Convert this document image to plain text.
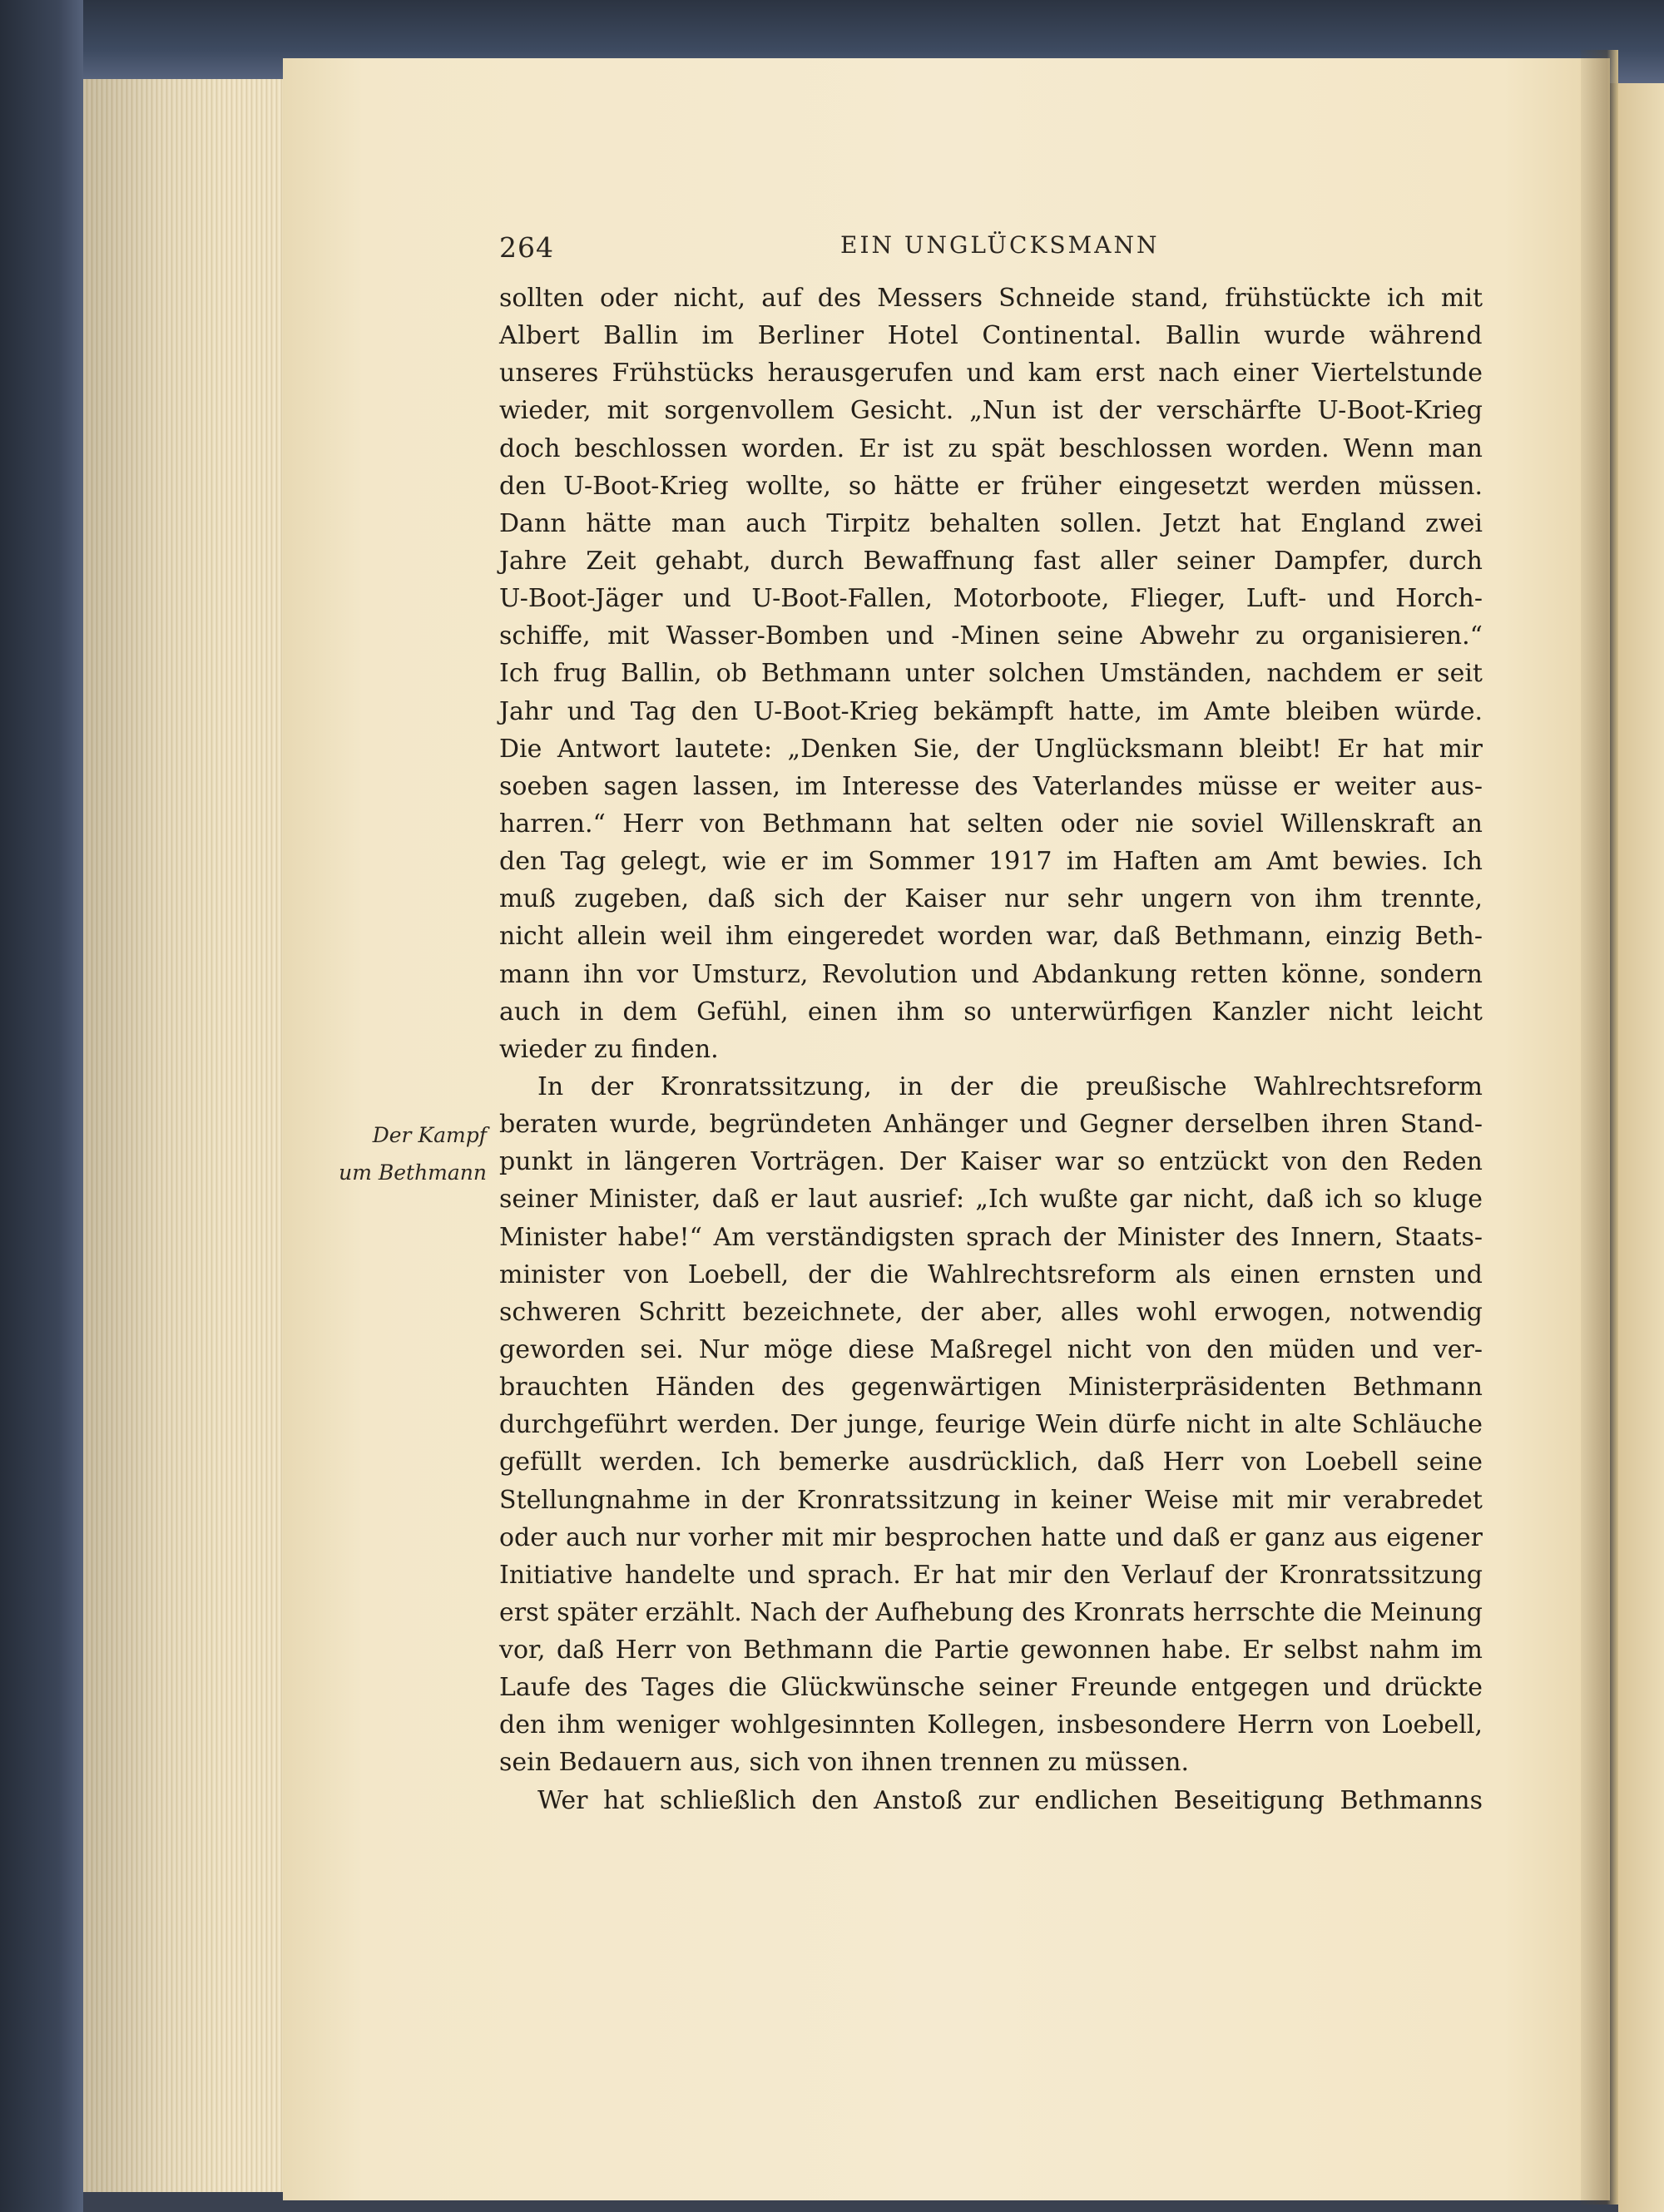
264	EIN UNGLÜCKSMANN
Der Kampf
um Bethmann
sollten oder nicht, auf des Messers Schneide stand, frühstückte ich mit
Albert Ballin im Berliner Hotel Continental. Ballin wurde während
unseres Frühstücks herausgerufen und kam erst nach einer Viertelstunde
wieder, mit sorgenvollem Gesicht. „Nun ist der verschärfte U-Boot-Krieg
doch beschlossen worden. Er ist zu spät beschlossen worden. Wenn man
den U-Boot-Krieg wollte, so hätte er früher eingesetzt werden müssen.
Dann hätte man auch Tirpitz behalten sollen. Jetzt hat England zwei
Jahre Zeit gehabt, durch Bewaffnung fast aller seiner Dampfer, durch
U-Boot-Jäger und U-Boot-Fallen, Motorboote, Flieger, Luft- und Horch-
schiffe, mit Wasser-Bomben und -Minen seine Abwehr zu organisieren.“
Ich frug Ballin, ob Bethmann unter solchen Umständen, nachdem er seit
Jahr und Tag den U-Boot-Krieg bekämpft hatte, im Amte bleiben würde.
Die Antwort lautete: „Denken Sie, der Unglücksmann bleibt! Er hat mir
soeben sagen lassen, im Interesse des Vaterlandes müsse er weiter aus-
harren.“ Herr von Bethmann hat selten oder nie soviel Willenskraft an
den Tag gelegt, wie er im Sommer 1917 im Haften am Amt bewies. Ich
muß zugeben, daß sich der Kaiser nur sehr ungern von ihm trennte,
nicht allein weil ihm eingeredet worden war, daß Bethmann, einzig Beth-
mann ihn vor Umsturz, Revolution und Abdankung retten könne, sondern
auch in dem Gefühl, einen ihm so unterwürfigen Kanzler nicht leicht
wieder zu finden.
In der Kronratssitzung, in der die preußische Wahlrechtsreform
beraten wurde, begründeten Anhänger und Gegner derselben ihren Stand-
punkt in längeren Vorträgen. Der Kaiser war so entzückt von den Reden
seiner Minister, daß er laut ausrief: „Ich wußte gar nicht, daß ich so kluge
Minister habe!“ Am verständigsten sprach der Minister des Innern, Staats-
minister von Loebell, der die Wahlrechtsreform als einen ernsten und
schweren Schritt bezeichnete, der aber, alles wohl erwogen, notwendig
geworden sei. Nur möge diese Maßregel nicht von den müden und ver-
brauchten Händen des gegenwärtigen Ministerpräsidenten Bethmann
durchgeführt werden. Der junge, feurige Wein dürfe nicht in alte Schläuche
gefüllt werden. Ich bemerke ausdrücklich, daß Herr von Loebell seine
Stellungnahme in der Kronratssitzung in keiner Weise mit mir verabredet
oder auch nur vorher mit mir besprochen hatte und daß er ganz aus eigener
Initiative handelte und sprach. Er hat mir den Verlauf der Kronratssitzung
erst später erzählt. Nach der Aufhebung des Kronrats herrschte die Meinung
vor, daß Herr von Bethmann die Partie gewonnen habe. Er selbst nahm im
Laufe des Tages die Glückwünsche seiner Freunde entgegen und drückte
den ihm weniger wohlgesinnten Kollegen, insbesondere Herrn von Loebell,
sein Bedauern aus, sich von ihnen trennen zu müssen.
Wer hat schließlich den Anstoß zur endlichen Beseitigung Bethmanns
